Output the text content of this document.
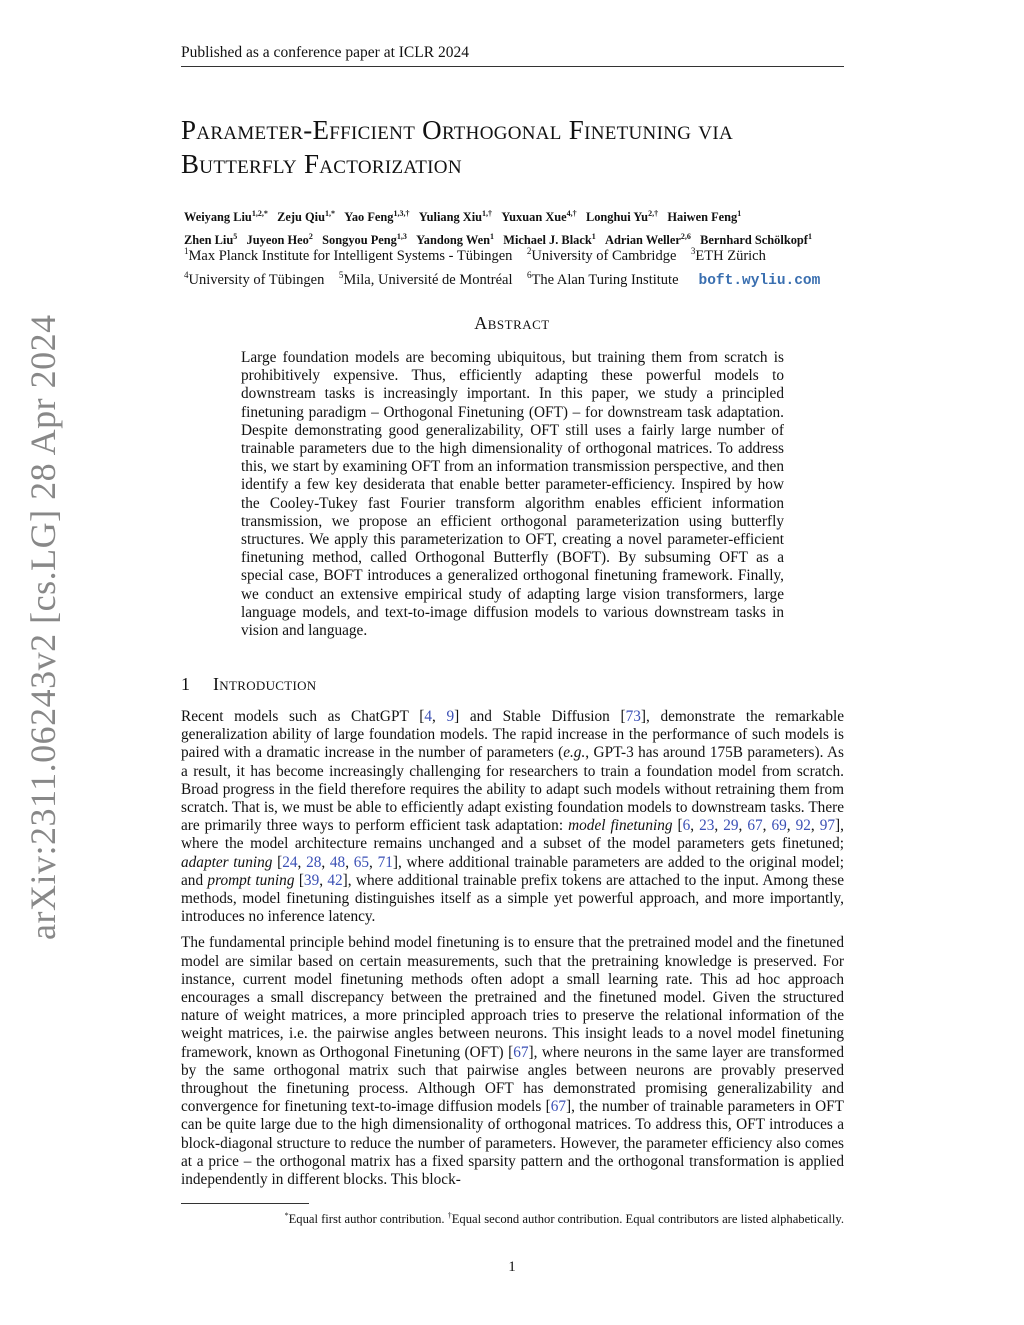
arXiv:2311.06243v2 [cs.LG] 28 Apr 2024
Published as a conference paper at ICLR 2024
Parameter-Efficient Orthogonal Finetuning via
Butterfly Factorization
Weiyang Liu$^{1,2,*}$ Zeju Qiu$^{1,*}$ Yao Feng$^{1,3,\dagger}$ Yuliang Xiu$^{1,\dagger}$ Yuxuan Xue$^{4,\dagger}$ Longhui $Yu^{2,\dagger}$ Haiwen Feng$^1$
Zhen Liu$^5$ Juyeon Heo$^2$ Songyou Peng$^{1,3}$ Yandong Wen$^1$ Michael J. Black$^1$ Adrian Weller$^{2,6}$ Bernhard Schölkopf$^1$
$^1$Max Planck Institute for Intelligent Systems - Tübingen $^2$University of Cambridge $^3$ETH Zürich
$^4$University of Tübingen $^5$Mila, Université de Montréal $^6$The Alan Turing Institute boft.wyliu.com
Abstract
Large foundation models are becoming ubiquitous, but training them from scratch is prohibitively expensive. Thus, efficiently adapting these powerful models to downstream tasks is increasingly important. In this paper, we study a principled finetuning paradigm – Orthogonal Finetuning (OFT) – for downstream task adaptation. Despite demonstrating good generalizability, OFT still uses a fairly large number of trainable parameters due to the high dimensionality of orthogonal matrices. To address this, we start by examining OFT from an information transmission perspective, and then identify a few key desiderata that enable better parameter-efficiency. Inspired by how the Cooley-Tukey fast Fourier transform algorithm enables efficient information transmission, we propose an efficient orthogonal parameterization using butterfly structures. We apply this parameterization to OFT, creating a novel parameter-efficient finetuning method, called Orthogonal Butterfly (BOFT). By subsuming OFT as a special case, BOFT introduces a generalized orthogonal finetuning framework. Finally, we conduct an extensive empirical study of adapting large vision transformers, large language models, and text-to-image diffusion models to various downstream tasks in vision and language.
1 Introduction

Recent models such as ChatGPT [4, 9] and Stable Diffusion [73], demonstrate the remarkable generalization ability of large foundation models. The rapid increase in the performance of such models is paired with a dramatic increase in the number of parameters (e.g., GPT-3 has around 175B parameters). As a result, it has become increasingly challenging for researchers to train a foundation model from scratch. Broad progress in the field therefore requires the ability to adapt such models without retraining them from scratch. That is, we must be able to efficiently adapt existing foundation models to downstream tasks. There are primarily three ways to perform efficient task adaptation: model finetuning [6, 23, 29, 67, 69, 92, 97], where the model architecture remains unchanged and a subset of the model parameters gets finetuned; adapter tuning [24, 28, 48, 65, 71], where additional trainable parameters are added to the original model; and prompt tuning [39, 42], where additional trainable prefix tokens are attached to the input. Among these methods, model finetuning distinguishes itself as a simple yet powerful approach, and more importantly, introduces no inference latency.

The fundamental principle behind model finetuning is to ensure that the pretrained model and the finetuned model are similar based on certain measurements, such that the pretraining knowledge is preserved. For instance, current model finetuning methods often adopt a small learning rate. This ad hoc approach encourages a small discrepancy between the pretrained and the finetuned model. Given the structured nature of weight matrices, a more principled approach tries to preserve the relational information of the weight matrices, i.e. the pairwise angles between neurons. This insight leads to a novel model finetuning framework, known as Orthogonal Finetuning (OFT) [67], where neurons in the same layer are transformed by the same orthogonal matrix such that pairwise angles between neurons are provably preserved throughout the finetuning process. Although OFT has demonstrated promising generalizability and convergence for finetuning text-to-image diffusion models [67], the number of trainable parameters in OFT can be quite large due to the high dimensionality of orthogonal matrices. To address this, OFT introduces a block-diagonal structure to reduce the number of parameters. However, the parameter efficiency also comes at a price – the orthogonal matrix has a fixed sparsity pattern and the orthogonal transformation is applied independently in different blocks. This block-

*Equal first author contribution. †Equal second author contribution. Equal contributors are listed alphabetically.
1
